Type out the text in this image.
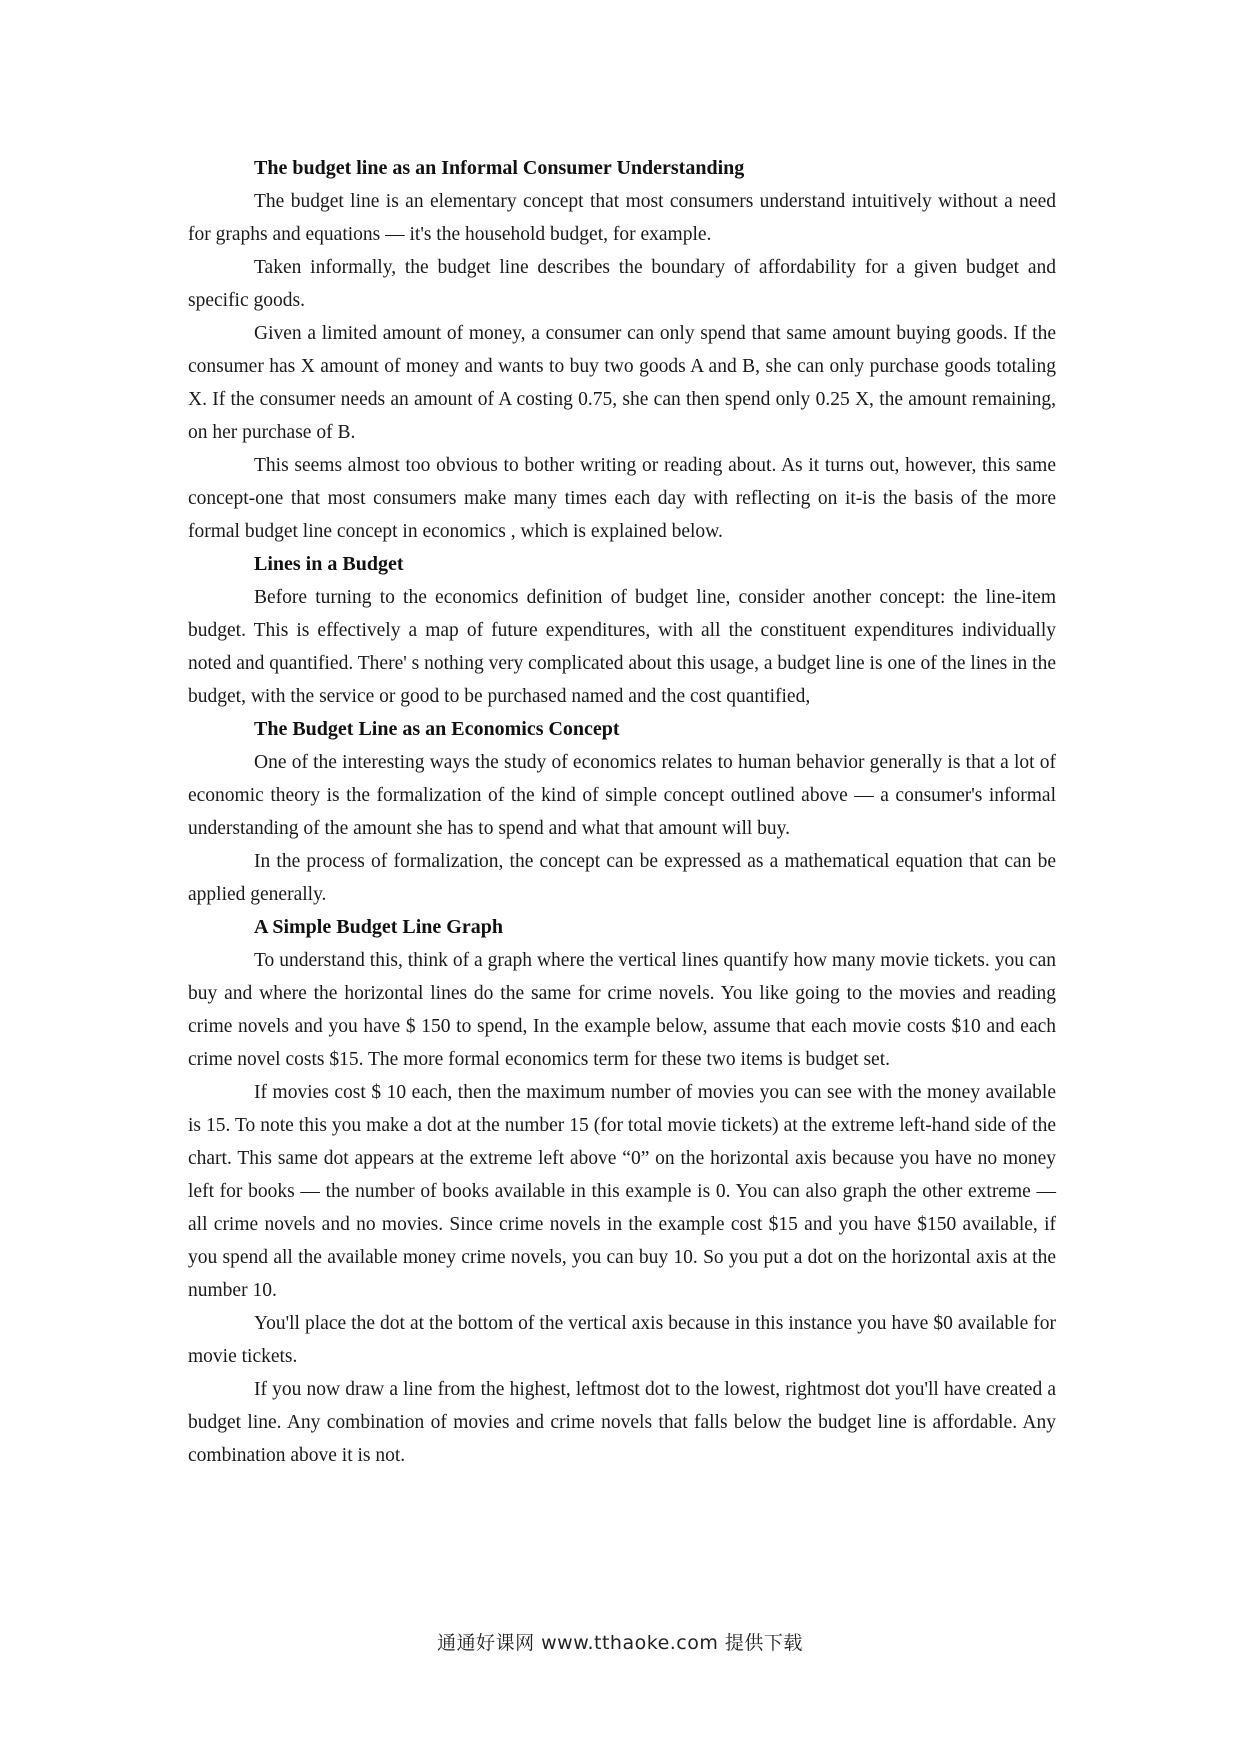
The budget line as an Informal Consumer Understanding

The budget line is an elementary concept that most consumers understand intuitively without a need for graphs and equations — it's the household budget, for example.

Taken informally, the budget line describes the boundary of affordability for a given budget and specific goods.

Given a limited amount of money, a consumer can only spend that same amount buying goods. If the consumer has X amount of money and wants to buy two goods A and B, she can only purchase goods totaling X. If the consumer needs an amount of A costing 0.75, she can then spend only 0.25 X, the amount remaining, on her purchase of B.

This seems almost too obvious to bother writing or reading about. As it turns out, however, this same concept-one that most consumers make many times each day with reflecting on it-is the basis of the more formal budget line concept in economics , which is explained below.

Lines in a Budget

Before turning to the economics definition of budget line, consider another concept: the line-item budget. This is effectively a map of future expenditures, with all the constituent expenditures individually noted and quantified. There' s nothing very complicated about this usage, a budget line is one of the lines in the budget, with the service or good to be purchased named and the cost quantified,

The Budget Line as an Economics Concept

One of the interesting ways the study of economics relates to human behavior generally is that a lot of economic theory is the formalization of the kind of simple concept outlined above — a consumer's informal understanding of the amount she has to spend and what that amount will buy.

In the process of formalization, the concept can be expressed as a mathematical equation that can be applied generally.

A Simple Budget Line Graph

To understand this, think of a graph where the vertical lines quantify how many movie tickets. you can buy and where the horizontal lines do the same for crime novels. You like going to the movies and reading crime novels and you have $ 150 to spend, In the example below, assume that each movie costs $10 and each crime novel costs $15. The more formal economics term for these two items is budget set.

If movies cost $ 10 each, then the maximum number of movies you can see with the money available is 15. To note this you make a dot at the number 15 (for total movie tickets) at the extreme left-hand side of the chart. This same dot appears at the extreme left above “0” on the horizontal axis because you have no money left for books — the number of books available in this example is 0. You can also graph the other extreme — all crime novels and no movies. Since crime novels in the example cost $15 and you have $150 available, if you spend all the available money crime novels, you can buy 10. So you put a dot on the horizontal axis at the number 10.

You'll place the dot at the bottom of the vertical axis because in this instance you have $0 available for movie tickets.

If you now draw a line from the highest, leftmost dot to the lowest, rightmost dot you'll have created a budget line. Any combination of movies and crime novels that falls below the budget line is affordable. Any combination above it is not.

通通好课网 www.tthaoke.com 提供下载
